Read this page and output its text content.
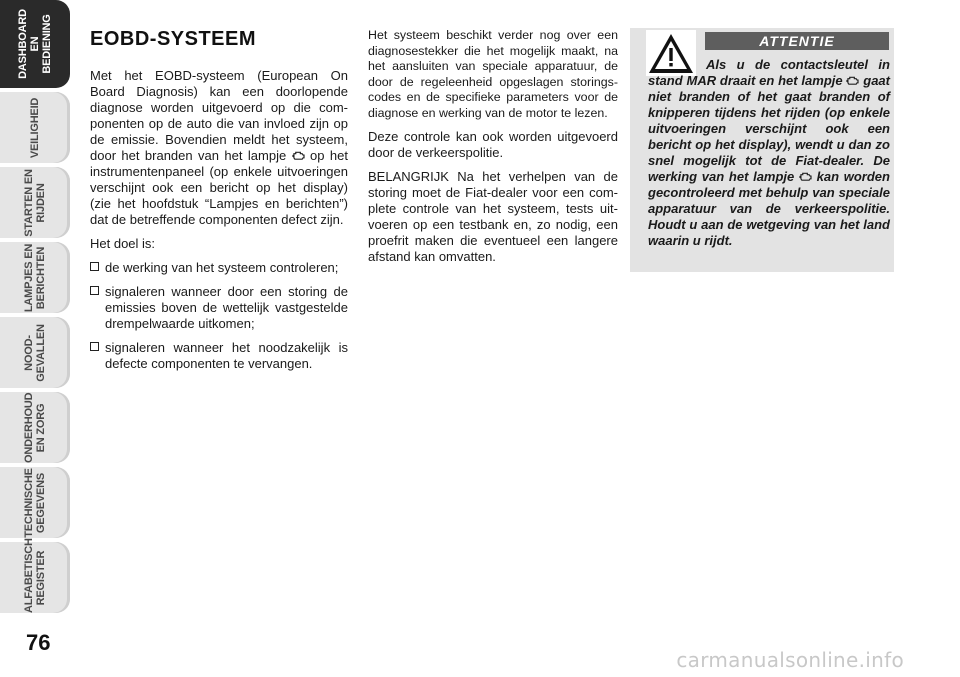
DASHBOARD
EN BEDIENING
VEILIGHEID
STARTEN EN
RIJDEN
LAMPJES EN
BERICHTEN
NOOD-
GEVALLEN
ONDERHOUD
EN ZORG
TECHNISCHE
GEGEVENS
ALFABETISCH
REGISTER
76
EOBD-SYSTEEM

Met het EOBD-systeem (European On Board Diagnosis) kan een doorlopende diagnose worden uitgevoerd op die componenten op de auto die van invloed zijn op de emissie. Bovendien meldt het systeem, door het branden van het lampje op het instrumentenpaneel (op enkele uitvoeringen verschijnt ook een bericht op het display) (zie het hoofdstuk “Lampjes en berichten”) dat de betreffende componenten defect zijn.

Het doel is:

de werking van het systeem controleren;
signaleren wanneer door een storing de emissies boven de wettelijk vastgestelde drempelwaarde uitkomen;
signaleren wanneer het noodzakelijk is defecte componenten te vervangen.

Het systeem beschikt verder nog over een diagnosestekker die het mogelijk maakt, na het aansluiten van speciale apparatuur, de door de regeleenheid opgeslagen storingscodes en de specifieke parameters voor de diagnose en werking van de motor te lezen.

Deze controle kan ook worden uitgevoerd door de verkeerspolitie.

BELANGRIJK Na het verhelpen van de storing moet de Fiat-dealer voor een complete controle van het systeem, tests uitvoeren op een testbank en, zo nodig, een proefrit maken die eventueel een langere afstand kan omvatten.

ATTENTIE
Als u de contactsleutel in stand MAR draait en het lampje gaat niet branden of het gaat branden of knipperen tijdens het rijden (op enkele uitvoeringen verschijnt ook een bericht op het display), wendt u dan zo snel mogelijk tot de Fiat-dealer. De werking van het lampje kan worden gecontroleerd met behulp van speciale apparatuur van de verkeerspolitie. Houdt u aan de wetgeving van het land waarin u rijdt.
carmanualsonline.info
